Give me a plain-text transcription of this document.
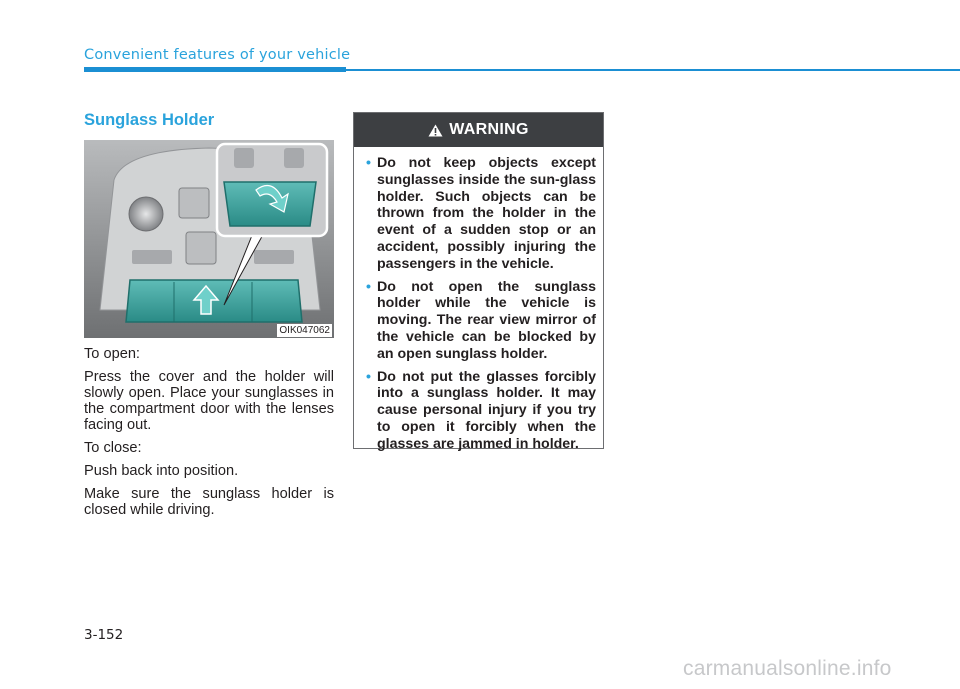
Convenient features of your vehicle
Sunglass Holder
OIK047062

To open:

Press the cover and the holder will slowly open. Place your sunglasses in the compartment door with the lenses facing out.

To close:

Push back into position.

Make sure the sunglass holder is closed while driving.

WARNING
• Do not keep objects except sunglasses inside the sun-glass holder. Such objects can be thrown from the holder in the event of a sudden stop or an accident, possibly injuring the passengers in the vehicle.
• Do not open the sunglass holder while the vehicle is moving. The rear view mirror of the vehicle can be blocked by an open sunglass holder.
• Do not put the glasses forcibly into a sunglass holder. It may cause personal injury if you try to open it forcibly when the glasses are jammed in holder.
3-152
carmanualsonline.info
